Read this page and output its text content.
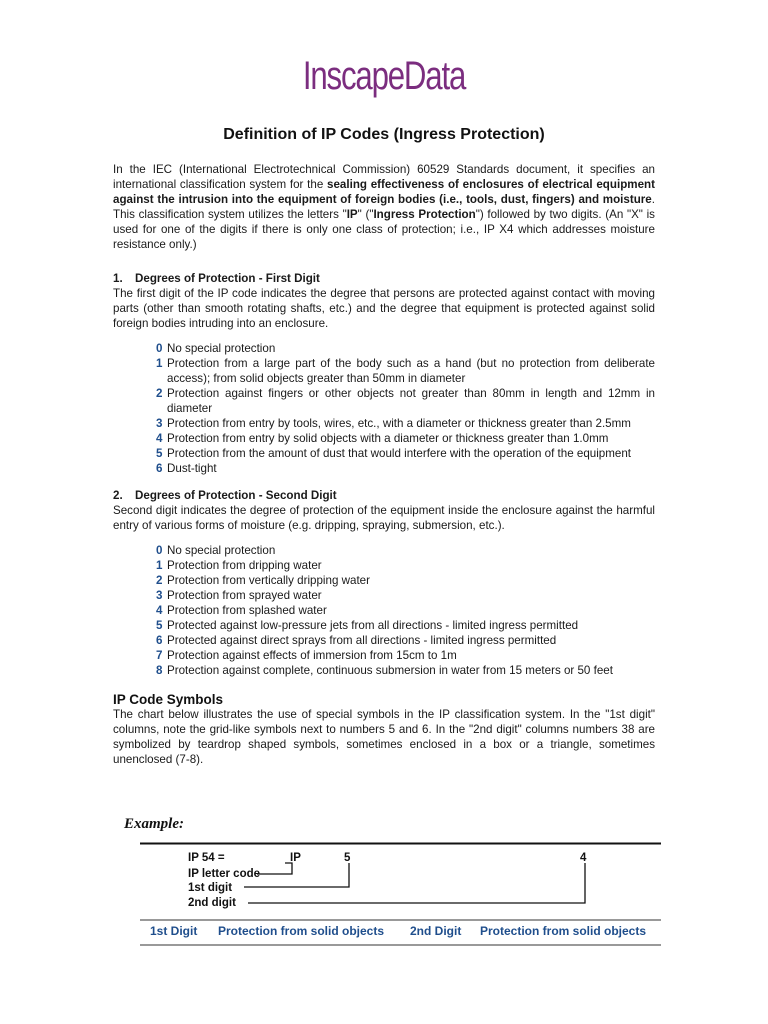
InscapeData
Definition of IP Codes (Ingress Protection)

In the IEC (International Electrotechnical Commission) 60529 Standards document, it specifies an international classification system for the sealing effectiveness of enclosures of electrical equipment against the intrusion into the equipment of foreign bodies (i.e., tools, dust, fingers) and moisture. This classification system utilizes the letters "IP" ("Ingress Protection") followed by two digits. (An "X" is used for one of the digits if there is only one class of protection; i.e., IP X4 which addresses moisture resistance only.)

1. Degrees of Protection - First Digit

The first digit of the IP code indicates the degree that persons are protected against contact with moving parts (other than smooth rotating shafts, etc.) and the degree that equipment is protected against solid foreign bodies intruding into an enclosure.

0 No special protection
1 Protection from a large part of the body such as a hand (but no protection from deliberate access); from solid objects greater than 50mm in diameter
2 Protection against fingers or other objects not greater than 80mm in length and 12mm in diameter
3 Protection from entry by tools, wires, etc., with a diameter or thickness greater than 2.5mm
4 Protection from entry by solid objects with a diameter or thickness greater than 1.0mm
5 Protection from the amount of dust that would interfere with the operation of the equipment
6 Dust-tight
2. Degrees of Protection - Second Digit

Second digit indicates the degree of protection of the equipment inside the enclosure against the harmful entry of various forms of moisture (e.g. dripping, spraying, submersion, etc.).

0 No special protection
1 Protection from dripping water
2 Protection from vertically dripping water
3 Protection from sprayed water
4 Protection from splashed water
5 Protected against low-pressure jets from all directions - limited ingress permitted
6 Protected against direct sprays from all directions - limited ingress permitted
7 Protection against effects of immersion from 15cm to 1m
8 Protection against complete, continuous submersion in water from 15 meters or 50 feet
IP Code Symbols

The chart below illustrates the use of special symbols in the IP classification system. In the "1st digit" columns, note the grid-like symbols next to numbers 5 and 6. In the "2nd digit" columns numbers 38 are symbolized by teardrop shaped symbols, sometimes enclosed in a box or a triangle, sometimes unenclosed (7-8).

Example:
IP 54 =	IP	5	4
IP letter code
1st digit
2nd digit
1st Digit Protection from solid objects 2nd Digit Protection from solid objects
